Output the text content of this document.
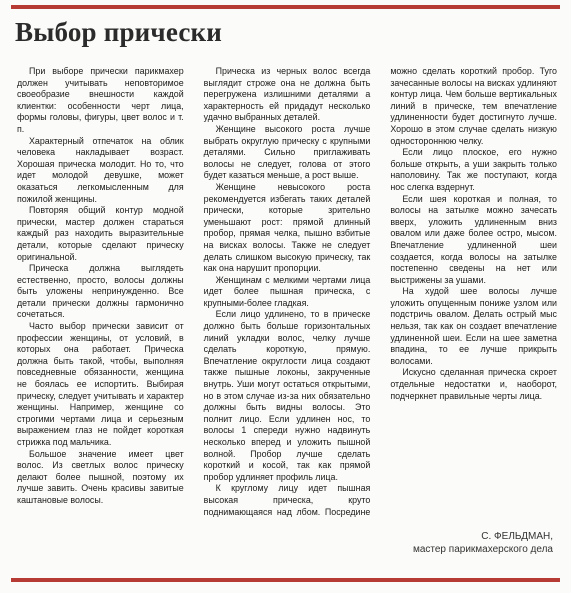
Выбор прически

При выборе прически парикмахер должен учитывать неповторимое своеобразие внешности каждой клиентки: особенности черт лица, формы головы, фигуры, цвет волос и т. п.

Характерный отпечаток на облик человека накладывает возраст. Хорошая прическа молодит. Но то, что идет молодой девушке, может оказаться легкомысленным для пожилой женщины.

Повторяя общий контур модной прически, мастер должен стараться каждый раз находить выразительные детали, которые сделают прическу оригинальной.

Прическа должна выглядеть естественно, просто, волосы должны быть уложены непринужденно. Все детали прически должны гармонично сочетаться.

Часто выбор прически зависит от профессии женщины, от условий, в которых она работает. Прическа должна быть такой, чтобы, выполняя повседневные обязанности, женщина не боялась ее испортить. Выбирая прическу, следует учитывать и характер женщины. Например, женщине со строгими чертами лица и серьезным выражением глаз не пойдет короткая стрижка под мальчика.

Большое значение имеет цвет волос. Из светлых волос прическу делают более пышной, поэтому их лучше завить. Очень красивы завитые каштановые волосы.

Прическа из черных волос всегда выглядит строже она не должна быть перегружена излишними деталями а характерность ей придадут несколько удачно выбранных деталей.

Женщине высокого роста лучше выбрать округлую прическу с крупными деталями. Сильно приглаживать волосы не следует, голова от этого будет казаться меньше, а рост выше.

Женщине невысокого роста рекомендуется избегать таких деталей прически, которые зрительно уменьшают рост: прямой длинный пробор, прямая челка, пышно взбитые на висках волосы. Также не следует делать слишком высокую прическу, так как она нарушит пропорции.

Женщинам с мелкими чертами лица идет более пышная прическа, с крупными-более гладкая.

Если лицо удлинено, то в прическе должно быть больше горизонтальных линий укладки волос, челку лучше сделать короткую, прямую. Впечатление округлости лица создают также пышные локоны, закрученные внутрь. Уши могут остаться открытыми, но в этом случае из-за них обязательно должны быть видны волосы. Это полнит лицо. Если удлинен нос, то волосы 1 спереди нужно надвинуть несколько вперед и уложить пышной волной. Пробор лучше сделать короткий и косой, так как прямой пробор удлиняет профиль лица.

К круглому лицу идет пышная высокая прическа, круто поднимающаяся над лбом. Посредине можно сделать короткий пробор. Туго зачесанные волосы на висках удлиняют контур лица. Чем больше вертикальных линий в прическе, тем впечатление удлиненности будет достигнуто лучше. Хорошо в этом случае сделать низкую одностороннюю челку.

Если лицо плоское, его нужно больше открыть, а уши закрыть только наполовину. Так же поступают, когда нос слегка вздернут.

Если шея короткая и полная, то волосы на затылке можно зачесать вверх, уложить удлиненным вниз овалом или даже более остро, мысом. Впечатление удлиненной шеи создается, когда волосы на затылке постепенно сведены на нет или выстрижены за ушами.

На худой шее волосы лучше уложить опущенным пониже узлом или подстричь овалом. Делать острый мыс нельзя, так как он создает впечатление удлиненной шеи. Если на шее заметна впадина, то ее лучше прикрыть волосами.

Искусно сделанная прическа скроет отдельные недостатки и, наоборот, подчеркнет правильные черты лица.

С. ФЕЛЬДМАН,
мастер парикмахерского дела
